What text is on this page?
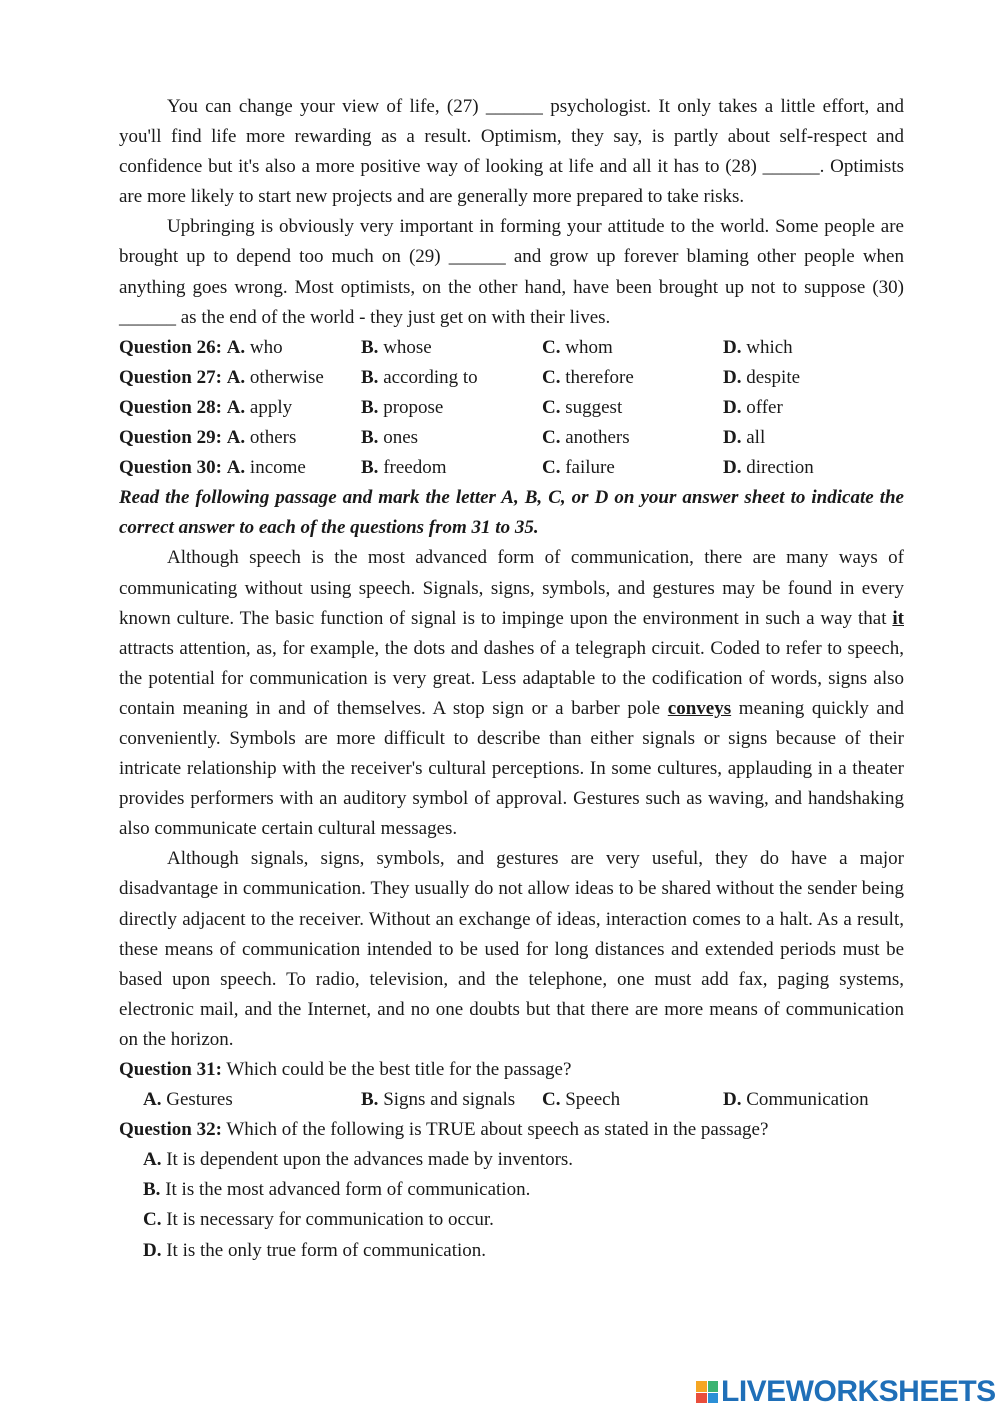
You can change your view of life, (27) ______ psychologist. It only takes a little effort, and you'll find life more rewarding as a result. Optimism, they say, is partly about self-respect and confidence but it's also a more positive way of looking at life and all it has to (28) ______. Optimists are more likely to start new projects and are generally more prepared to take risks.

Upbringing is obviously very important in forming your attitude to the world. Some people are brought up to depend too much on (29) ______ and grow up forever blaming other people when anything goes wrong. Most optimists, on the other hand, have been brought up not to suppose (30) ______ as the end of the world - they just get on with their lives.

Question 26: A. who	B. whose	C. whom	D. which
Question 27: A. otherwise	B. according to	C. therefore	D. despite
Question 28: A. apply	B. propose	C. suggest	D. offer
Question 29: A. others	B. ones	C. anothers	D. all
Question 30: A. income	B. freedom	C. failure	D. direction

Read the following passage and mark the letter A, B, C, or D on your answer sheet to indicate the correct answer to each of the questions from 31 to 35.

Although speech is the most advanced form of communication, there are many ways of communicating without using speech. Signals, signs, symbols, and gestures may be found in every known culture. The basic function of signal is to impinge upon the environment in such a way that it attracts attention, as, for example, the dots and dashes of a telegraph circuit. Coded to refer to speech, the potential for communication is very great. Less adaptable to the codification of words, signs also contain meaning in and of themselves. A stop sign or a barber pole conveys meaning quickly and conveniently. Symbols are more difficult to describe than either signals or signs because of their intricate relationship with the receiver's cultural perceptions. In some cultures, applauding in a theater provides performers with an auditory symbol of approval. Gestures such as waving, and handshaking also communicate certain cultural messages.

Although signals, signs, symbols, and gestures are very useful, they do have a major disadvantage in communication. They usually do not allow ideas to be shared without the sender being directly adjacent to the receiver. Without an exchange of ideas, interaction comes to a halt. As a result, these means of communication intended to be used for long distances and extended periods must be based upon speech. To radio, television, and the telephone, one must add fax, paging systems, electronic mail, and the Internet, and no one doubts but that there are more means of communication on the horizon.

Question 31: Which could be the best title for the passage?
A. Gestures	B. Signs and signals	C. Speech	D. Communication
Question 32: Which of the following is TRUE about speech as stated in the passage?
A. It is dependent upon the advances made by inventors.
B. It is the most advanced form of communication.
C. It is necessary for communication to occur.
D. It is the only true form of communication.
LIVEWORKSHEETS
